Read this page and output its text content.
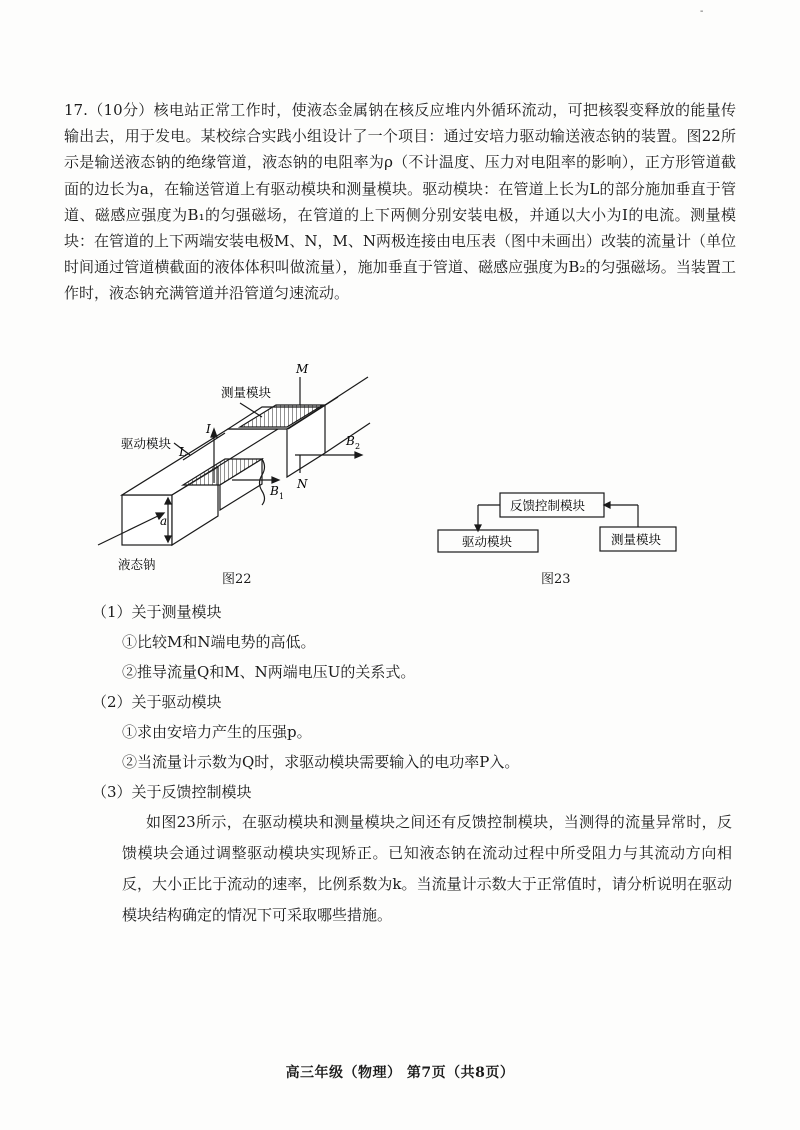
-

17.（10分）核电站正常工作时，使液态金属钠在核反应堆内外循环流动，可把核裂变释放的能量传输出去，用于发电。某校综合实践小组设计了一个项目：通过安培力驱动输送液态钠的装置。图22所示是输送液态钠的绝缘管道，液态钠的电阻率为ρ（不计温度、压力对电阻率的影响），正方形管道截面的边长为a，在输送管道上有驱动模块和测量模块。驱动模块：在管道上长为L的部分施加垂直于管道、磁感应强度为B₁的匀强磁场，在管道的上下两侧分别安装电极，并通以大小为I的电流。测量模块：在管道的上下两端安装电极M、N，M、N两极连接由电压表（图中未画出）改装的流量计（单位时间通过管道横截面的液体体积叫做流量），施加垂直于管道、磁感应强度为B₂的匀强磁场。当装置工作时，液态钠充满管道并沿管道匀速流动。

测量模块
驱动模块
液态钠
M
N
I
L
B 2
B 1
a
反馈控制模块
驱动模块	测量模块
图22	图23

（1）关于测量模块

①比较M和N端电势的高低。

②推导流量Q和M、N两端电压U的关系式。

（2）关于驱动模块

①求由安培力产生的压强p。

②当流量计示数为Q时，求驱动模块需要输入的电功率P入。

（3）关于反馈控制模块

如图23所示，在驱动模块和测量模块之间还有反馈控制模块，当测得的流量异常时，反馈模块会通过调整驱动模块实现矫正。已知液态钠在流动过程中所受阻力与其流动方向相反，大小正比于流动的速率，比例系数为k。当流量计示数大于正常值时，请分析说明在驱动模块结构确定的情况下可采取哪些措施。

高三年级（物理） 第7页（共8页）
